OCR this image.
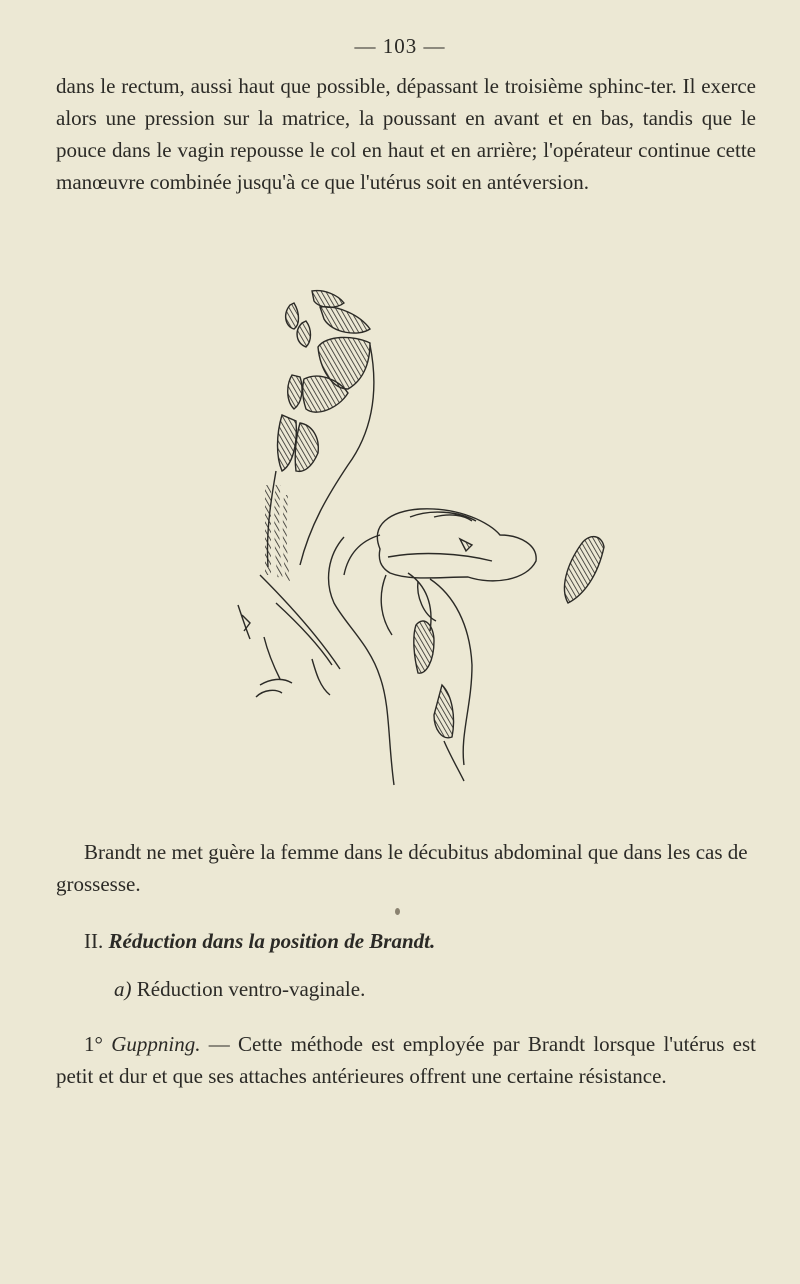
— 103 —

dans le rectum, aussi haut que possible, dépassant le troisième sphinc-ter. Il exerce alors une pression sur la matrice, la poussant en avant et en bas, tandis que le pouce dans le vagin repousse le col en haut et en arrière; l'opérateur continue cette manœuvre combinée jusqu'à ce que l'utérus soit en antéversion.

Brandt ne met guère la femme dans le décubitus abdominal que dans les cas de grossesse.

II. Réduction dans la position de Brandt.

a) Réduction ventro-vaginale.

1° Guppning. — Cette méthode est employée par Brandt lorsque l'utérus est petit et dur et que ses attaches antérieures offrent une certaine résistance.
